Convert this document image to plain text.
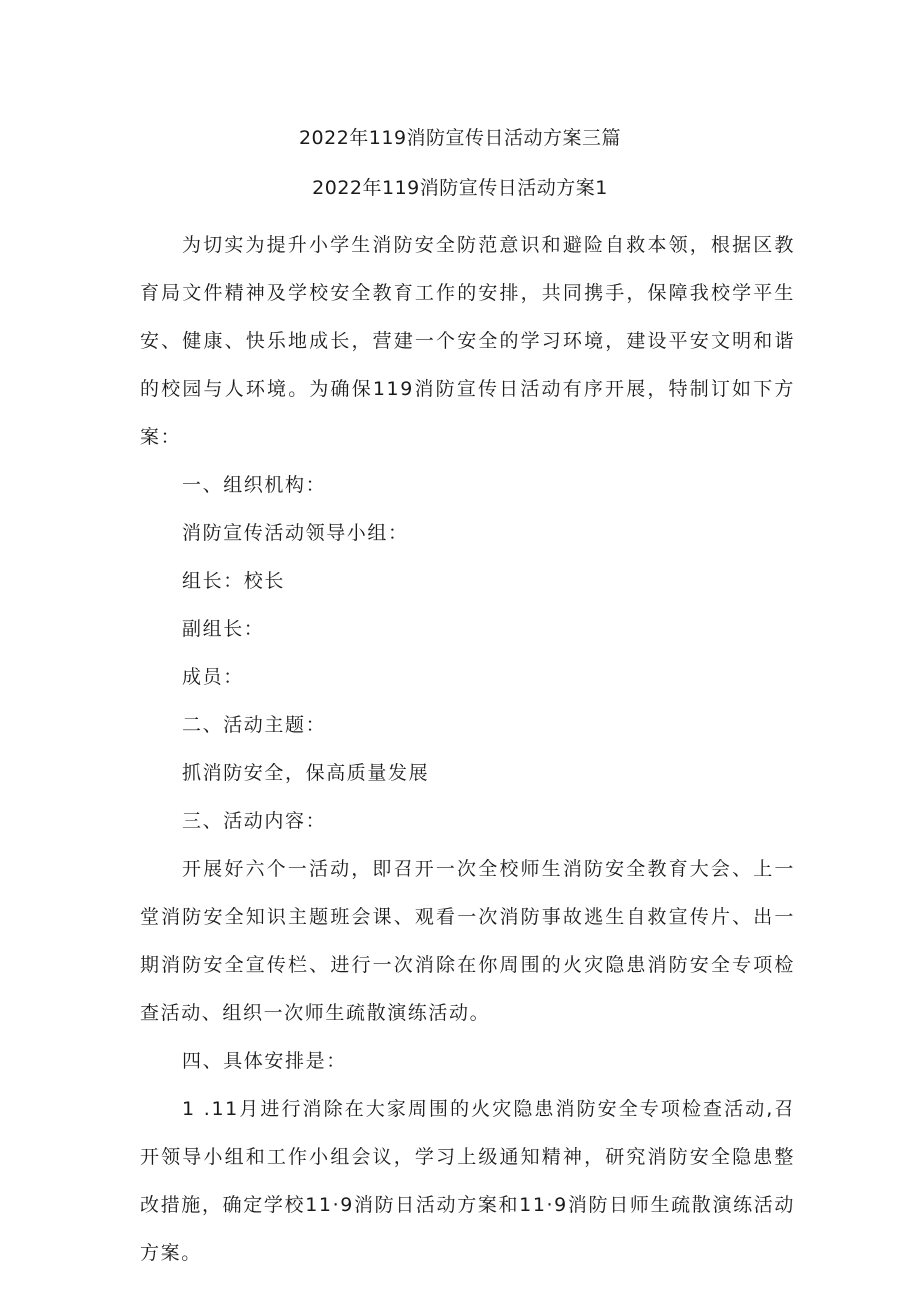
2022年119消防宣传日活动方案三篇
2022年119消防宣传日活动方案1

为切实为提升小学生消防安全防范意识和避险自救本领，根据区教育局文件精神及学校安全教育工作的安排，共同携手，保障我校学平生安、健康、快乐地成长，营建一个安全的学习环境，建设平安文明和谐的校园与人环境。为确保119消防宣传日活动有序开展，特制订如下方案：

一、组织机构：

消防宣传活动领导小组：

组长：校长

副组长：

成员：

二、活动主题：

抓消防安全，保高质量发展

三、活动内容：

开展好六个一活动，即召开一次全校师生消防安全教育大会、上一堂消防安全知识主题班会课、观看一次消防事故逃生自救宣传片、出一期消防安全宣传栏、进行一次消除在你周围的火灾隐患消防安全专项检查活动、组织一次师生疏散演练活动。

四、具体安排是：

1 .11月进行消除在大家周围的火灾隐患消防安全专项检查活动,召开领导小组和工作小组会议，学习上级通知精神，研究消防安全隐患整改措施，确定学校11·9消防日活动方案和11·9消防日师生疏散演练活动方案。
